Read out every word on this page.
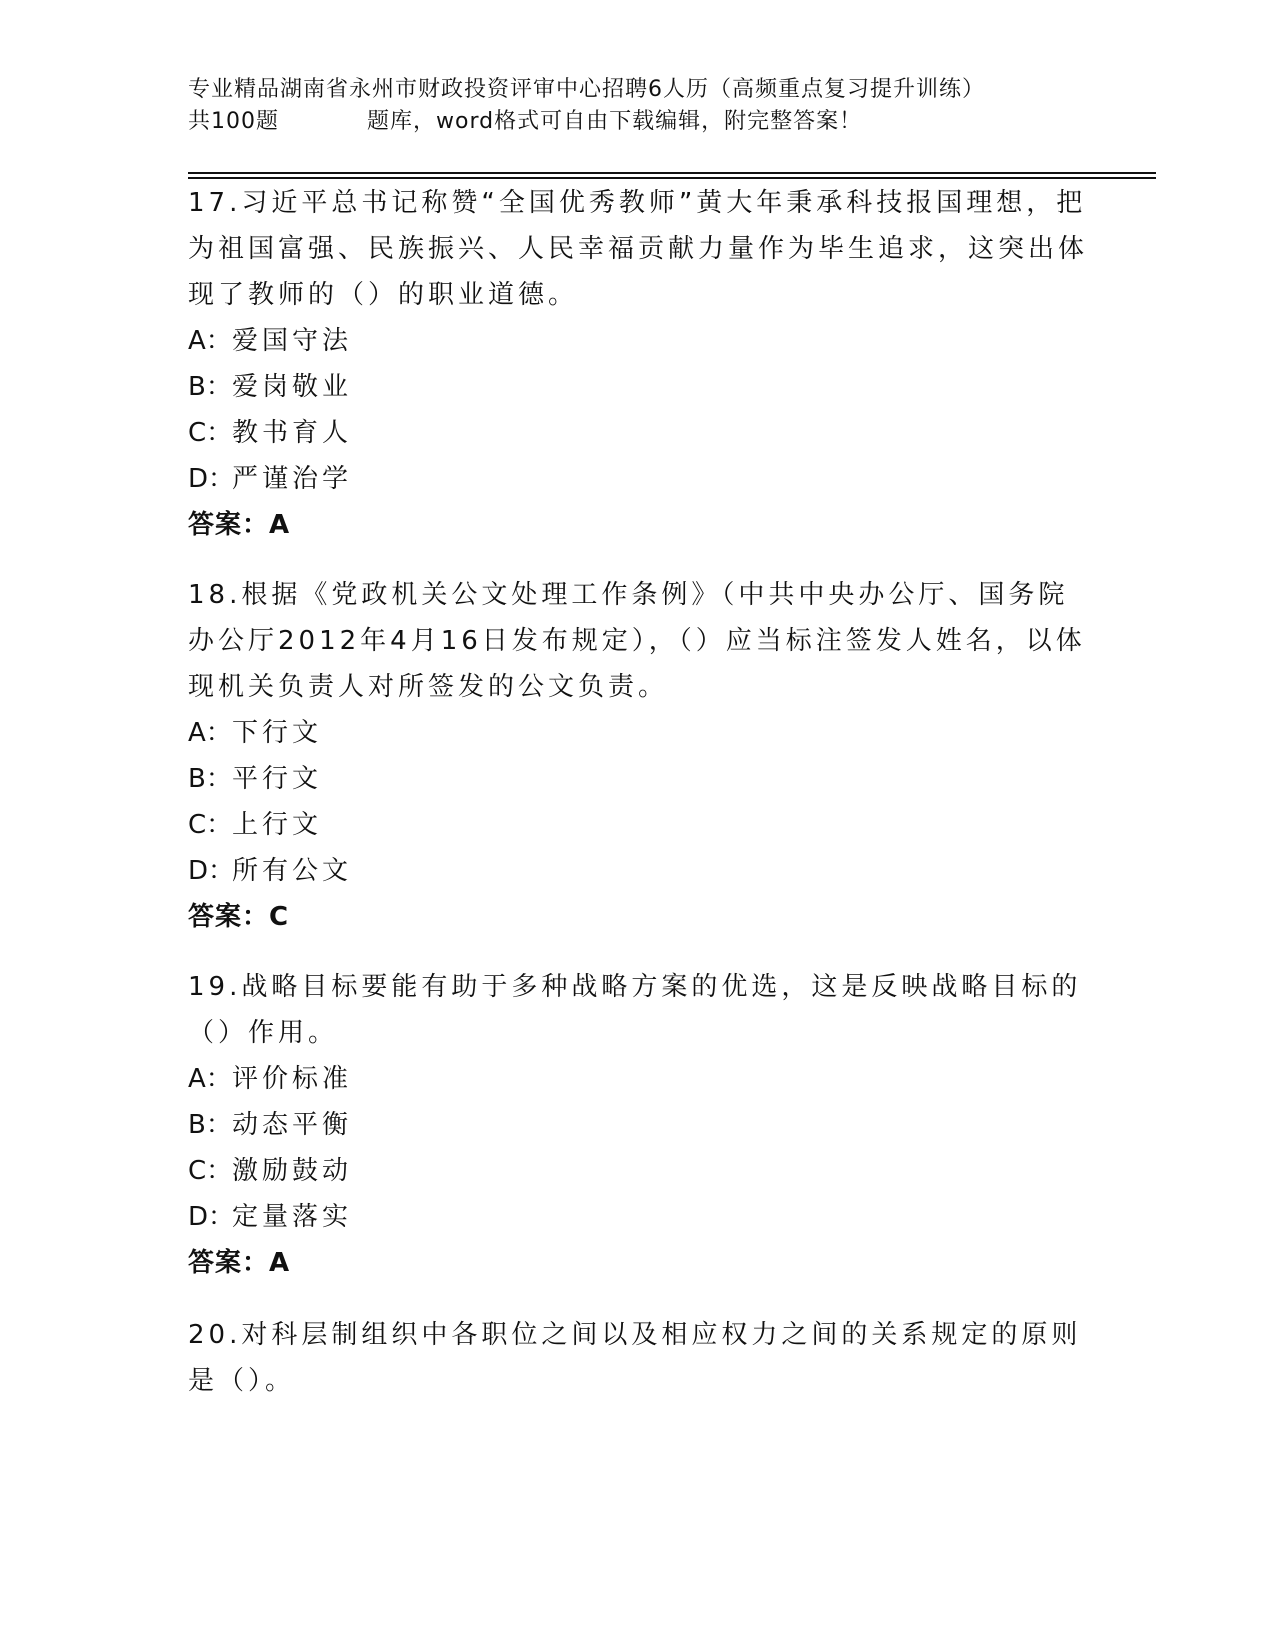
专业精品湖南省永州市财政投资评审中心招聘6人历（高频重点复习提升训练）
共100题	题库，word格式可自由下载编辑，附完整答案！

17.习近平总书记称赞“全国优秀教师”黄大年秉承科技报国理想，把为祖国富强、民族振兴、人民幸福贡献力量作为毕生追求，这突出体现了教师的（）的职业道德。

A：爱国守法

B：爱岗敬业

C：教书育人

D：严谨治学

答案：A

18.根据《党政机关公文处理工作条例》（中共中央办公厅、国务院办公厅2012年4月16日发布规定），（）应当标注签发人姓名，以体现机关负责人对所签发的公文负责。

A：下行文

B：平行文

C：上行文

D：所有公文

答案：C

19.战略目标要能有助于多种战略方案的优选，这是反映战略目标的（）作用。

A：评价标准

B：动态平衡

C：激励鼓动

D：定量落实

答案：A

20.对科层制组织中各职位之间以及相应权力之间的关系规定的原则是（）。
